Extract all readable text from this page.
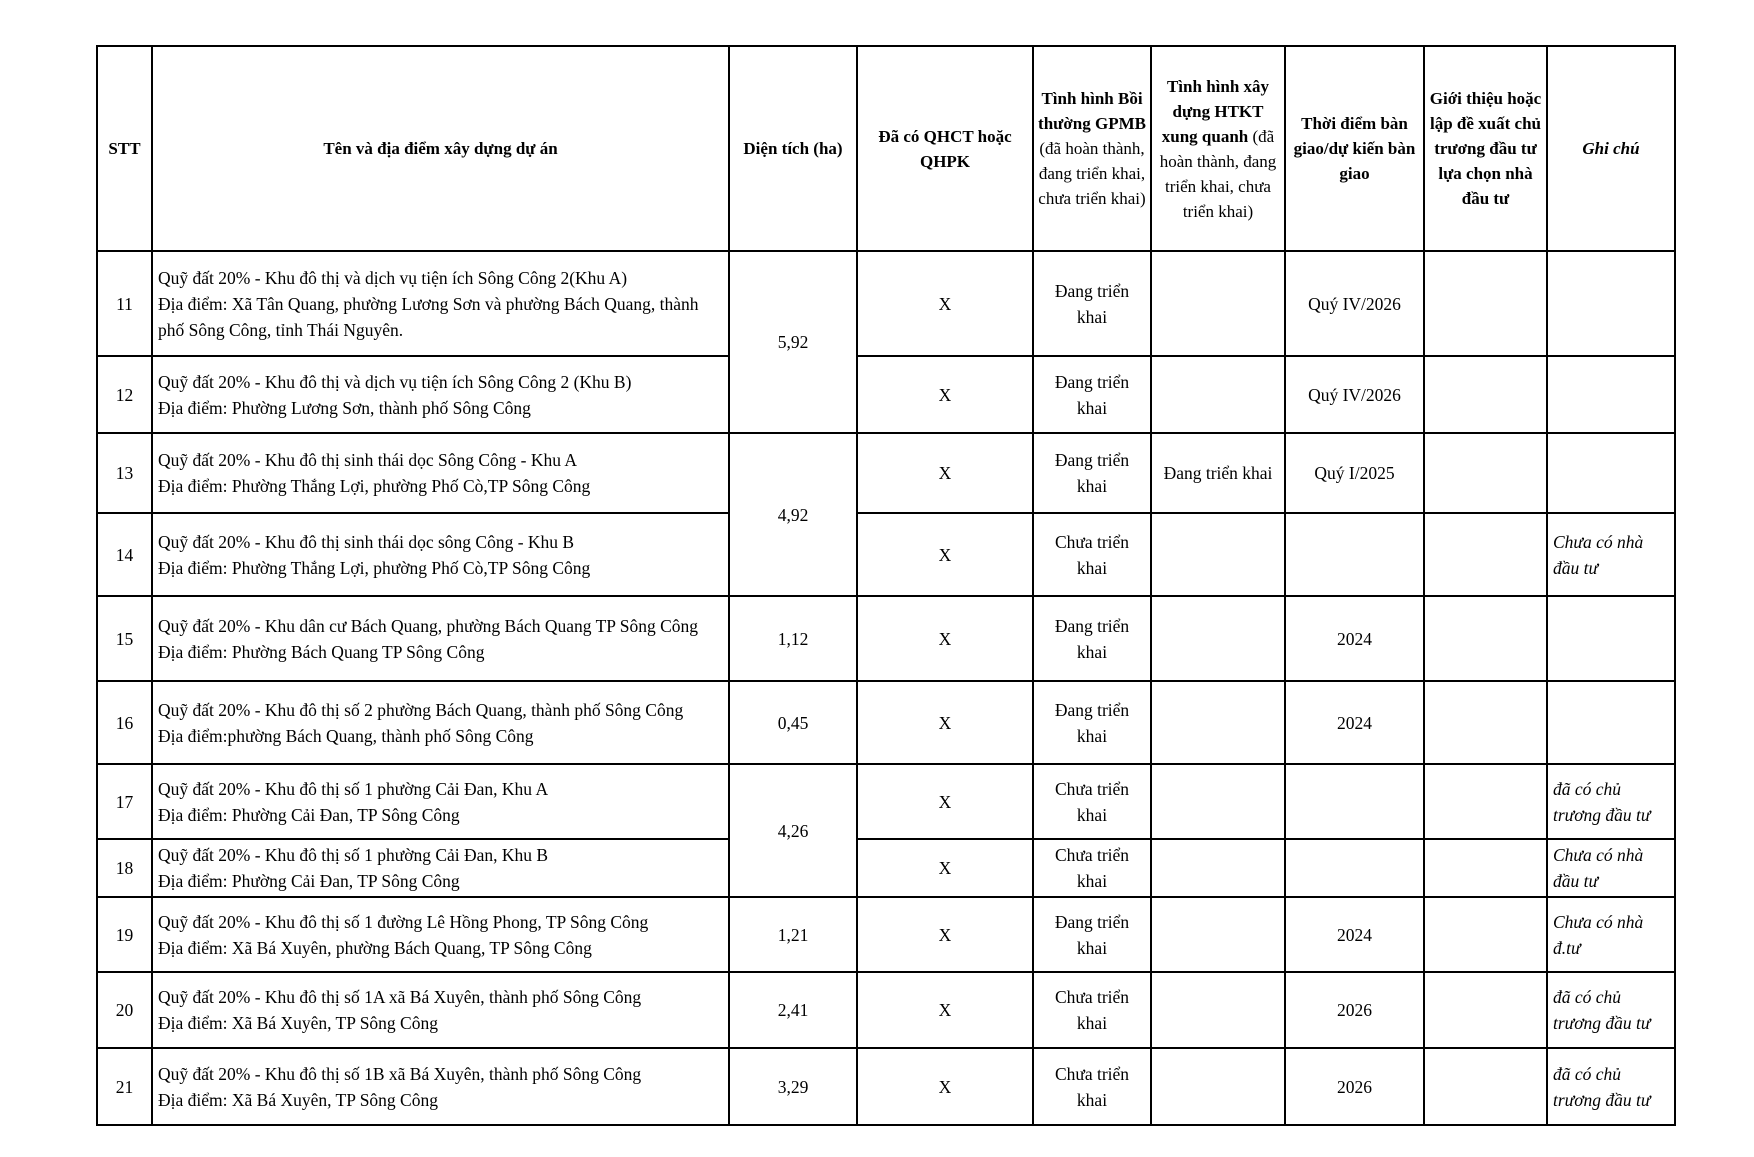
STT	Tên và địa điểm xây dựng dự án	Diện tích (ha)	Đã có QHCT hoặc QHPK	Tình hình Bồi thường GPMB (đã hoàn thành, đang triển khai, chưa triển khai)	Tình hình xây dựng HTKT xung quanh (đã hoàn thành, đang triển khai, chưa triển khai)	Thời điểm bàn giao/dự kiến bàn giao	Giới thiệu hoặc lập đề xuất chủ trương đầu tư lựa chọn nhà đầu tư	Ghi chú
11	Quỹ đất 20% - Khu đô thị và dịch vụ tiện ích Sông Công 2(Khu A)
Địa điểm: Xã Tân Quang, phường Lương Sơn và phường Bách Quang, thành phố Sông Công, tỉnh Thái Nguyên.	5,92	X	Đang triển khai		Quý IV/2026		
12	Quỹ đất 20% - Khu đô thị và dịch vụ tiện ích Sông Công 2 (Khu B)
Địa điểm: Phường Lương Sơn, thành phố Sông Công		X	Đang triển khai		Quý IV/2026		
13	Quỹ đất 20% - Khu đô thị sinh thái dọc Sông Công - Khu A
Địa điểm: Phường Thắng Lợi, phường Phố Cò,TP Sông Công	4,92	X	Đang triển khai	Đang triển khai	Quý I/2025		
14	Quỹ đất 20% - Khu đô thị sinh thái dọc sông Công - Khu B
Địa điểm: Phường Thắng Lợi, phường Phố Cò,TP Sông Công		X	Chưa triển khai				Chưa có nhà đầu tư
15	Quỹ đất 20% - Khu dân cư Bách Quang, phường Bách Quang TP Sông Công
Địa điểm: Phường Bách Quang TP Sông Công	1,12	X	Đang triển khai		2024		
16	Quỹ đất 20% - Khu đô thị số 2 phường Bách Quang, thành phố Sông Công
Địa điểm:phường Bách Quang, thành phố Sông Công	0,45	X	Đang triển khai		2024		
17	Quỹ đất 20% - Khu đô thị số 1 phường Cải Đan, Khu A
Địa điểm: Phường Cải Đan, TP Sông Công	4,26	X	Chưa triển khai				đã có chủ trương đầu tư
18	Quỹ đất 20% - Khu đô thị số 1 phường Cải Đan, Khu B
Địa điểm: Phường Cải Đan, TP Sông Công		X	Chưa triển khai				Chưa có nhà đầu tư
19	Quỹ đất 20% - Khu đô thị số 1 đường Lê Hồng Phong, TP Sông Công
Địa điểm: Xã Bá Xuyên, phường Bách Quang, TP Sông Công	1,21	X	Đang triển khai		2024		Chưa có nhà đ.tư
20	Quỹ đất 20% - Khu đô thị số 1A xã Bá Xuyên, thành phố Sông Công
Địa điểm: Xã Bá Xuyên, TP Sông Công	2,41	X	Chưa triển khai		2026		đã có chủ trương đầu tư
21	Quỹ đất 20% - Khu đô thị số 1B xã Bá Xuyên, thành phố Sông Công
Địa điểm: Xã Bá Xuyên, TP Sông Công	3,29	X	Chưa triển khai		2026		đã có chủ trương đầu tư
